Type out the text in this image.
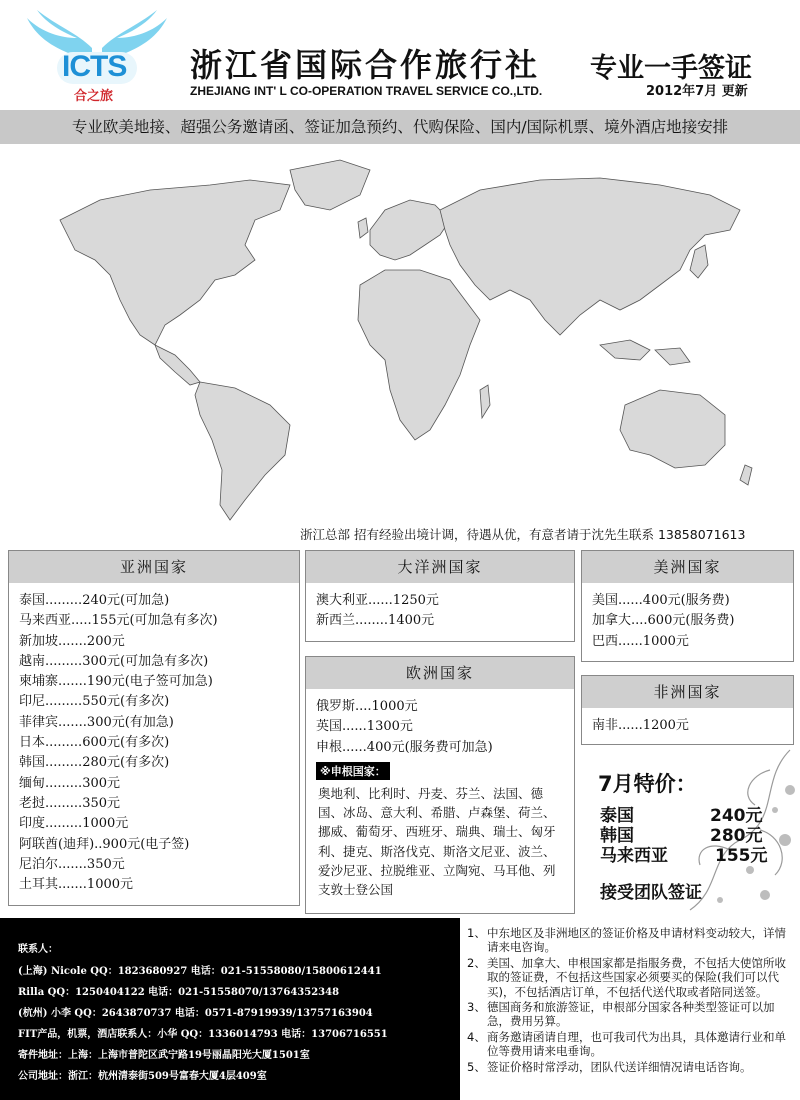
ICTS
合之旅
浙江省国际合作旅行社
ZHEJIANG INT' L CO-OPERATION TRAVEL SERVICE CO.,LTD.
专业一手签证
2012年7月 更新
专业欧美地接、超强公务邀请函、签证加急预约、代购保险、国内/国际机票、境外酒店地接安排
浙江总部 招有经验出境计调，待遇从优，有意者请于沈先生联系 13858071613
亚洲国家
泰国.........240元(可加急)
马来西亚.....155元(可加急有多次)
新加坡.......200元
越南.........300元(可加急有多次)
柬埔寨.......190元(电子签可加急)
印尼.........550元(有多次)
菲律宾.......300元(有加急)
日本.........600元(有多次)
韩国.........280元(有多次)
缅甸.........300元
老挝.........350元
印度.........1000元
阿联酋(迪拜)..900元(电子签)
尼泊尔.......350元
土耳其.......1000元
大洋洲国家
澳大利亚......1250元
新西兰........1400元
欧洲国家
俄罗斯....1000元
英国......1300元
申根......400元(服务费可加急)
※申根国家：
奥地利、比利时、丹麦、芬兰、法国、德国、冰岛、意大利、希腊、卢森堡、荷兰、挪威、葡萄牙、西班牙、瑞典、瑞士、匈牙利、捷克、斯洛伐克、斯洛文尼亚、波兰、爱沙尼亚、拉脱维亚、立陶宛、马耳他、列支敦士登公国
美洲国家
美国......400元(服务费)
加拿大....600元(服务费)
巴西......1000元
非洲国家
南非......1200元
7月特价：
泰国	240元
韩国	280元
马来西亚	155元
接受团队签证
联系人：
(上海) Nicole QQ：1823680927 电话：021-51558080/15800612441
Rilla QQ：1250404122 电话：021-51558070/13764352348
(杭州) 小李 QQ：2643870737 电话：0571-87919939/13757163904
FIT产品，机票，酒店联系人：小华 QQ：1336014793 电话：13706716551
寄件地址：上海：上海市普陀区武宁路19号丽晶阳光大厦1501室
公司地址：浙江：杭州清泰街509号富春大厦4层409室
1、 中东地区及非洲地区的签证价格及申请材料变动较大，详情请来电咨询。
2、 美国、加拿大、申根国家都是指服务费，不包括大使馆所收取的签证费，不包括这些国家必须要买的保险(我们可以代买)，不包括酒店订单，不包括代送代取或者陪同送签。
3、 德国商务和旅游签证，申根部分国家各种类型签证可以加急，费用另算。
4、 商务邀请函请自理，也可我司代为出具，具体邀请行业和单位等费用请来电垂询。
5、 签证价格时常浮动，团队代送详细情况请电话咨询。
